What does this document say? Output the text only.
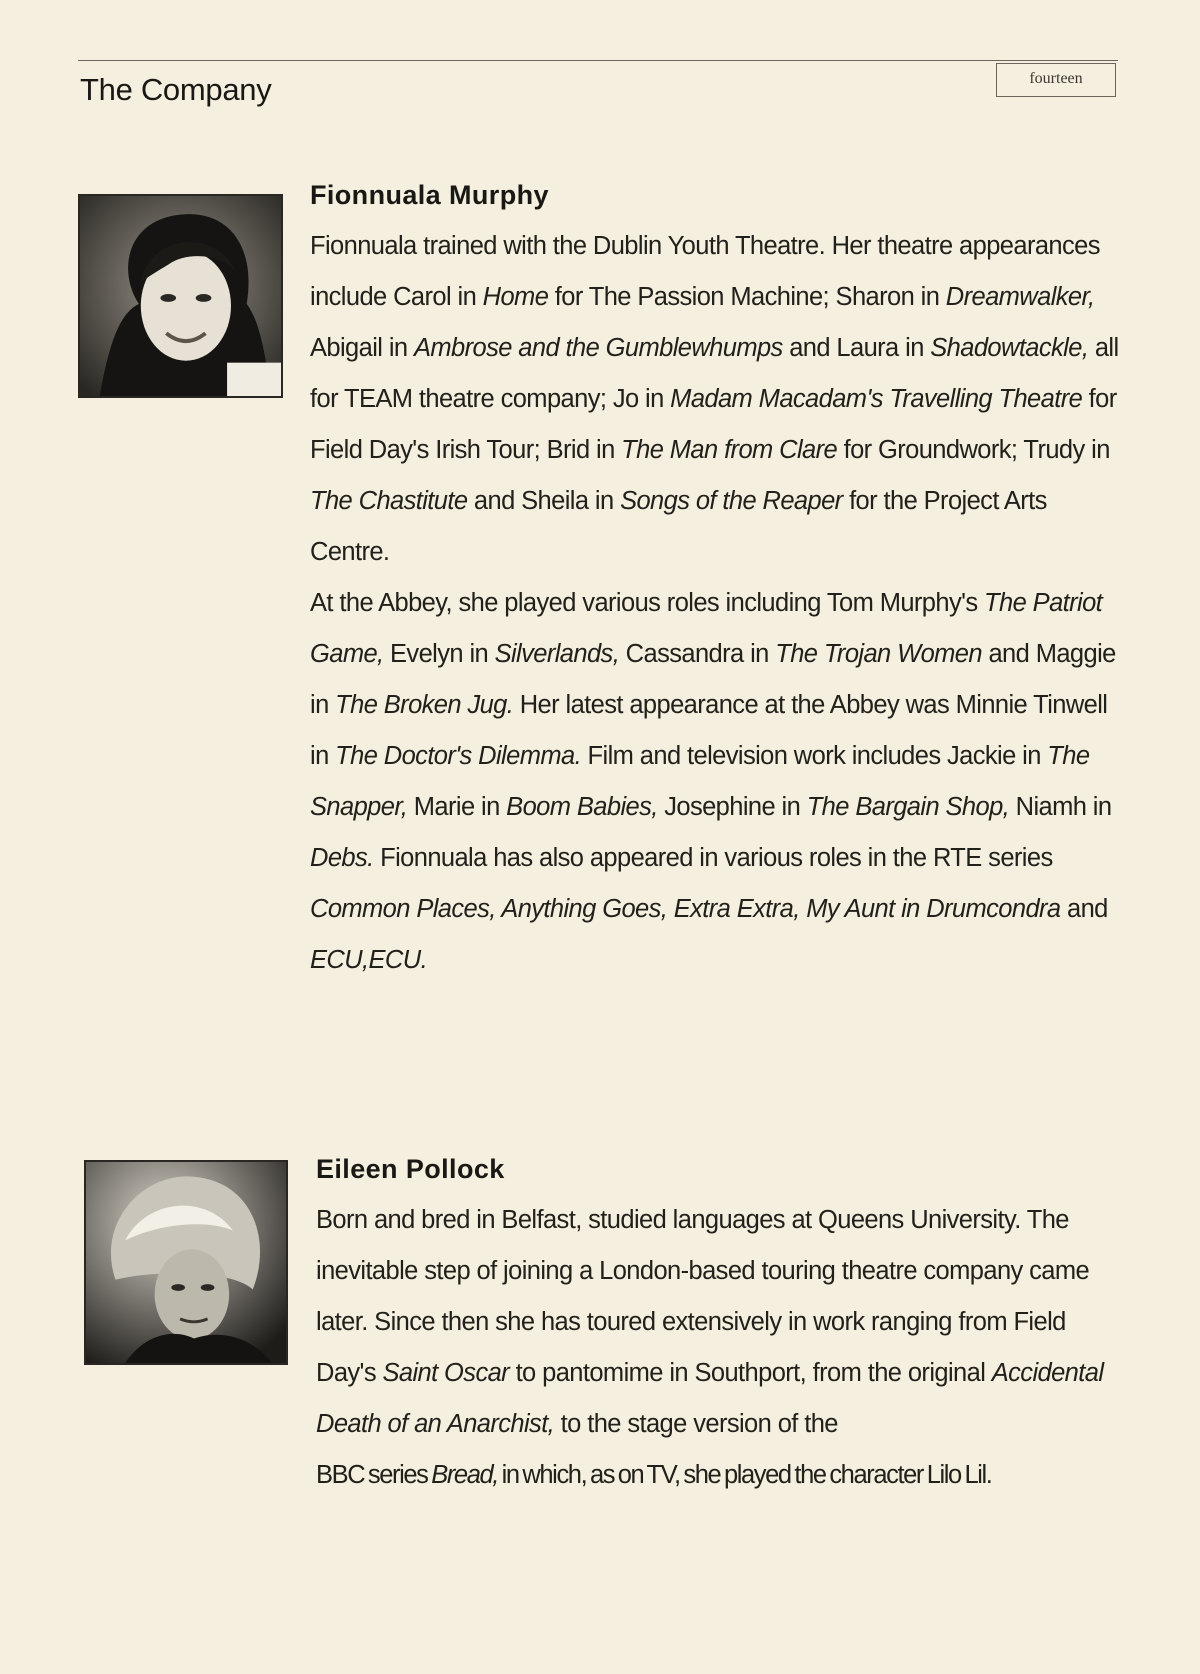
The Company	fourteen
Fionnuala Murphy

Fionnuala trained with the Dublin Youth Theatre. Her theatre appearances include Carol in Home for The Passion Machine; Sharon in Dreamwalker, Abigail in Ambrose and the Gumblewhumps and Laura in Shadowtackle, all for TEAM theatre company; Jo in Madam Macadam's Travelling Theatre for Field Day's Irish Tour; Brid in The Man from Clare for Groundwork; Trudy in The Chastitute and Sheila in Songs of the Reaper for the Project Arts Centre.

At the Abbey, she played various roles including Tom Murphy's The Patriot Game, Evelyn in Silverlands, Cassandra in The Trojan Women and Maggie in The Broken Jug. Her latest appearance at the Abbey was Minnie Tinwell in The Doctor's Dilemma. Film and television work includes Jackie in The Snapper, Marie in Boom Babies, Josephine in The Bargain Shop, Niamh in Debs. Fionnuala has also appeared in various roles in the RTE series Common Places, Anything Goes, Extra Extra, My Aunt in Drumcondra and ECU,ECU.

Eileen Pollock

Born and bred in Belfast, studied languages at Queens University. The inevitable step of joining a London-based touring theatre company came later. Since then she has toured extensively in work ranging from Field Day's Saint Oscar to pantomime in Southport, from the original Accidental Death of an Anarchist, to the stage version of the

BBC series Bread, in which, as on TV, she played the character Lilo Lil.
